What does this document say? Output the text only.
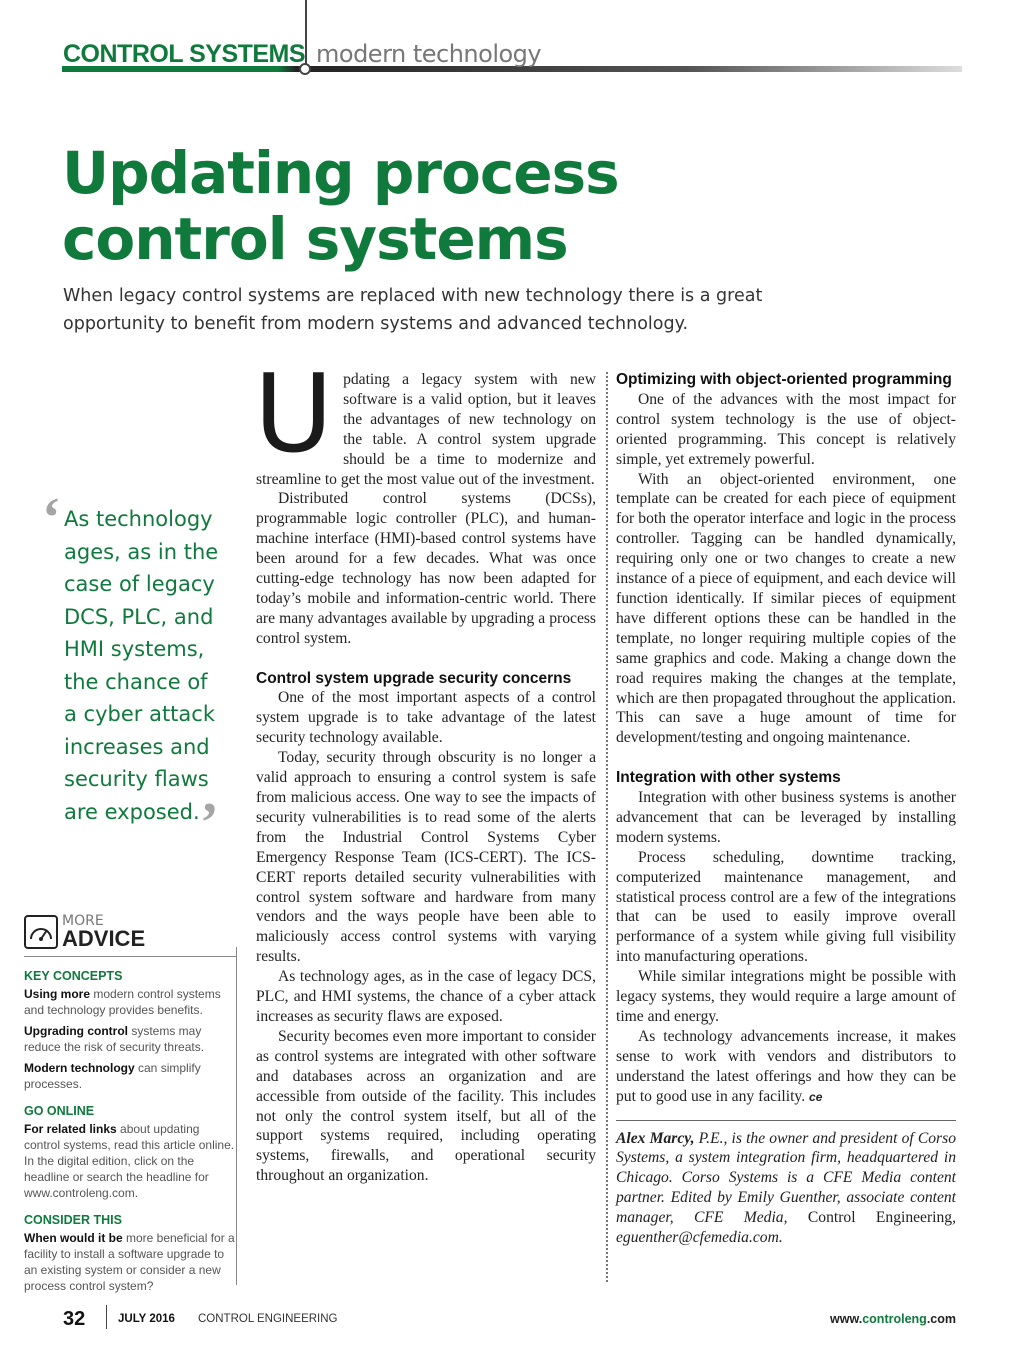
CONTROL SYSTEMS modern technology
Updating process
control systems

When legacy control systems are replaced with new technology there is a great opportunity to benefit from modern systems and advanced technology.

‘ As technology ages, as in the case of legacy DCS, PLC, and HMI systems, the chance of a cyber attack increases and security flaws are exposed. ’
MORE
ADVICE
KEY CONCEPTS

Using more modern control systems and technology provides benefits.

Upgrading control systems may reduce the risk of security threats.

Modern technology can simplify processes.

GO ONLINE

For related links about updating control systems, read this article online. In the digital edition, click on the headline or search the headline for www.controleng.com.

CONSIDER THIS

When would it be more beneficial for a facility to install a software upgrade to an existing system or consider a new process control system?

Updating a legacy system with new software is a valid option, but it leaves the advantages of new technology on the table. A control system upgrade should be a time to modernize and streamline to get the most value out of the investment.

Distributed control systems (DCSs), programmable logic controller (PLC), and human-machine interface (HMI)-based control systems have been around for a few decades. What was once cutting-edge technology has now been adapted for today’s mobile and information-centric world. There are many advantages available by upgrading a process control system.

Control system upgrade security concerns

One of the most important aspects of a control system upgrade is to take advantage of the latest security technology available.

Today, security through obscurity is no longer a valid approach to ensuring a control system is safe from malicious access. One way to see the impacts of security vulnerabilities is to read some of the alerts from the Industrial Control Systems Cyber Emergency Response Team (ICS-CERT). The ICS-CERT reports detailed security vulnerabilities with control system software and hardware from many vendors and the ways people have been able to maliciously access control systems with varying results.

As technology ages, as in the case of legacy DCS, PLC, and HMI systems, the chance of a cyber attack increases as security flaws are exposed.

Security becomes even more important to consider as control systems are integrated with other software and databases across an organization and are accessible from outside of the facility. This includes not only the control system itself, but all of the support systems required, including operating systems, firewalls, and operational security throughout an organization.

Optimizing with object-oriented programming

One of the advances with the most impact for control system technology is the use of object-oriented programming. This concept is relatively simple, yet extremely powerful.

With an object-oriented environment, one template can be created for each piece of equipment for both the operator interface and logic in the process controller. Tagging can be handled dynamically, requiring only one or two changes to create a new instance of a piece of equipment, and each device will function identically. If similar pieces of equipment have different options these can be handled in the template, no longer requiring multiple copies of the same graphics and code. Making a change down the road requires making the changes at the template, which are then propagated throughout the application. This can save a huge amount of time for development/testing and ongoing maintenance.

Integration with other systems

Integration with other business systems is another advancement that can be leveraged by installing modern systems.

Process scheduling, downtime tracking, computerized maintenance management, and statistical process control are a few of the integrations that can be used to easily improve overall performance of a system while giving full visibility into manufacturing operations.

While similar integrations might be possible with legacy systems, they would require a large amount of time and energy.

As technology advancements increase, it makes sense to work with vendors and distributors to understand the latest offerings and how they can be put to good use in any facility. ce

Alex Marcy, P.E., is the owner and president of Corso Systems, a system integration firm, headquartered in Chicago. Corso Systems is a CFE Media content partner. Edited by Emily Guenther, associate content manager, CFE Media, Control Engineering, eguenther@cfemedia.com.

32	JULY 2016 CONTROL ENGINEERING	www.controleng.com
